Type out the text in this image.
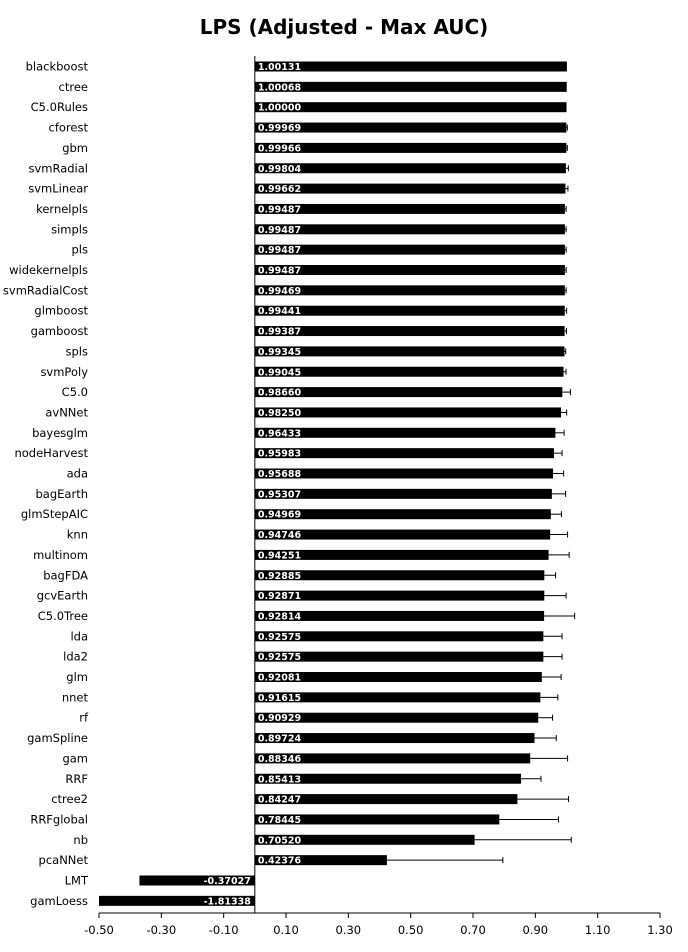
LPS (Adjusted - Max AUC)
1.00131
1.00068
1.00000
0.99969
0.99966
0.99804
0.99662
0.99487
0.99487
0.99487
0.99487
0.99469
0.99441
0.99387
0.99345
0.99045
0.98660
0.98250
0.96433
0.95983
0.95688
0.95307
0.94969
0.94746
0.94251
0.92885
0.92871
0.92814
0.92575
0.92575
0.92081
0.91615
0.90929
0.89724
0.88346
0.85413
0.84247
0.78445
0.70520
0.42376
-0.37027
-1.81338
-0.50	-0.30	-0.10	0.10	0.30	0.50	0.70	0.90	1.10	1.30
blackboost
ctree
C5.0Rules
cforest
gbm
svmRadial
svmLinear
kernelpls
simpls
pls
widekernelpls
svmRadialCost
glmboost
gamboost
spls
svmPoly
C5.0
avNNet
bayesglm
nodeHarvest
ada
bagEarth
glmStepAIC
knn
multinom
bagFDA
gcvEarth
C5.0Tree
lda
lda2
glm
nnet
rf
gamSpline
gam
RRF
ctree2
RRFglobal
nb
pcaNNet
LMT
gamLoess
